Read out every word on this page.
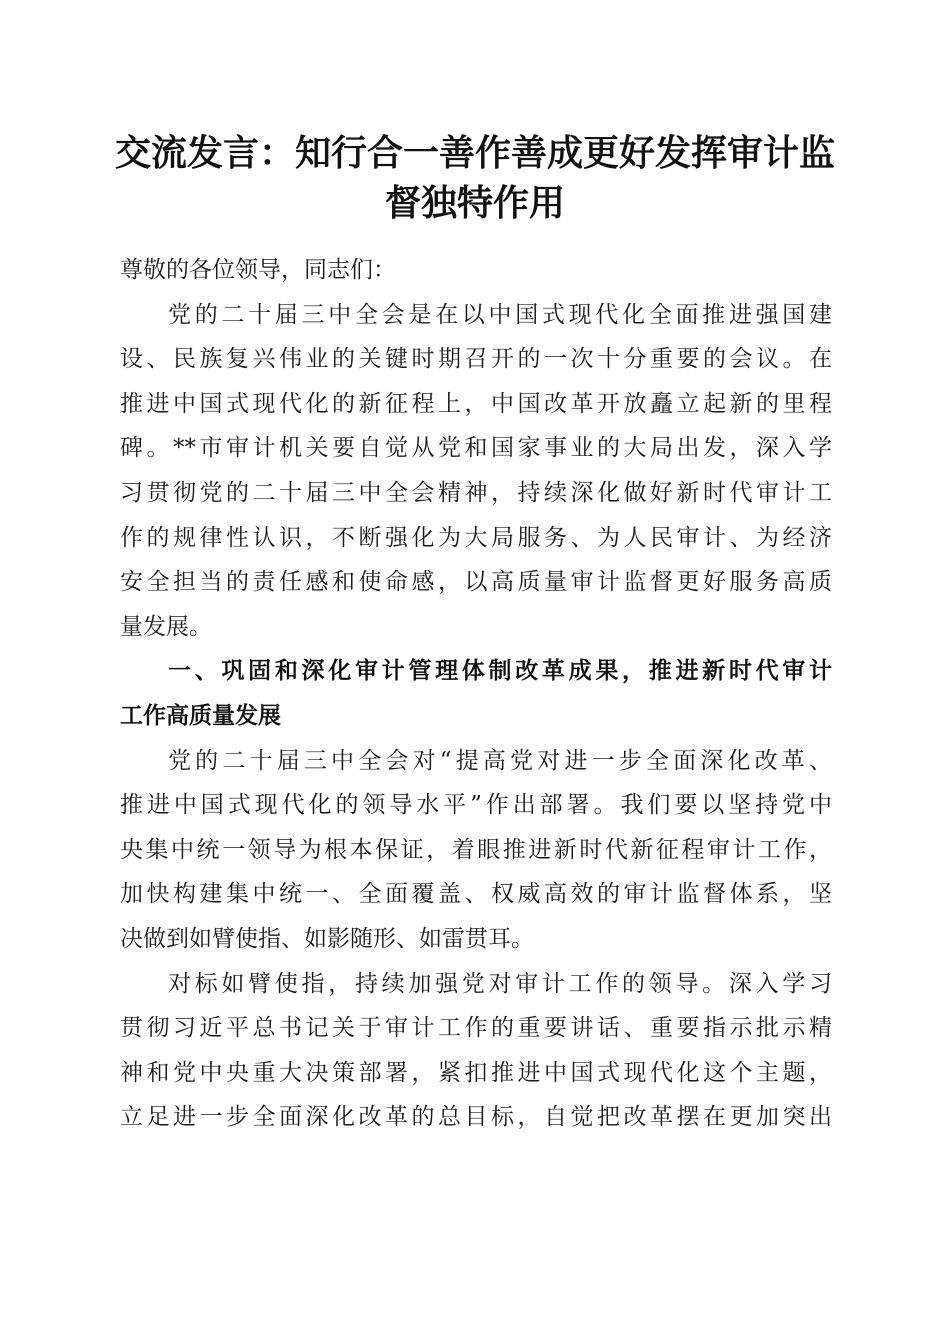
交流发言：知行合一善作善成更好发挥审计监
督独特作用
尊敬的各位领导，同志们：
党的二十届三中全会是在以中国式现代化全面推进强国建
设、民族复兴伟业的关键时期召开的一次十分重要的会议。在
推进中国式现代化的新征程上，中国改革开放矗立起新的里程
碑。**市审计机关要自觉从党和国家事业的大局出发，深入学
习贯彻党的二十届三中全会精神，持续深化做好新时代审计工
作的规律性认识，不断强化为大局服务、为人民审计、为经济
安全担当的责任感和使命感，以高质量审计监督更好服务高质
量发展。
一、巩固和深化审计管理体制改革成果，推进新时代审计
工作高质量发展
党的二十届三中全会对“提高党对进一步全面深化改革、
推进中国式现代化的领导水平”作出部署。我们要以坚持党中
央集中统一领导为根本保证，着眼推进新时代新征程审计工作，
加快构建集中统一、全面覆盖、权威高效的审计监督体系，坚
决做到如臂使指、如影随形、如雷贯耳。
对标如臂使指，持续加强党对审计工作的领导。深入学习
贯彻习近平总书记关于审计工作的重要讲话、重要指示批示精
神和党中央重大决策部署，紧扣推进中国式现代化这个主题，
立足进一步全面深化改革的总目标，自觉把改革摆在更加突出
